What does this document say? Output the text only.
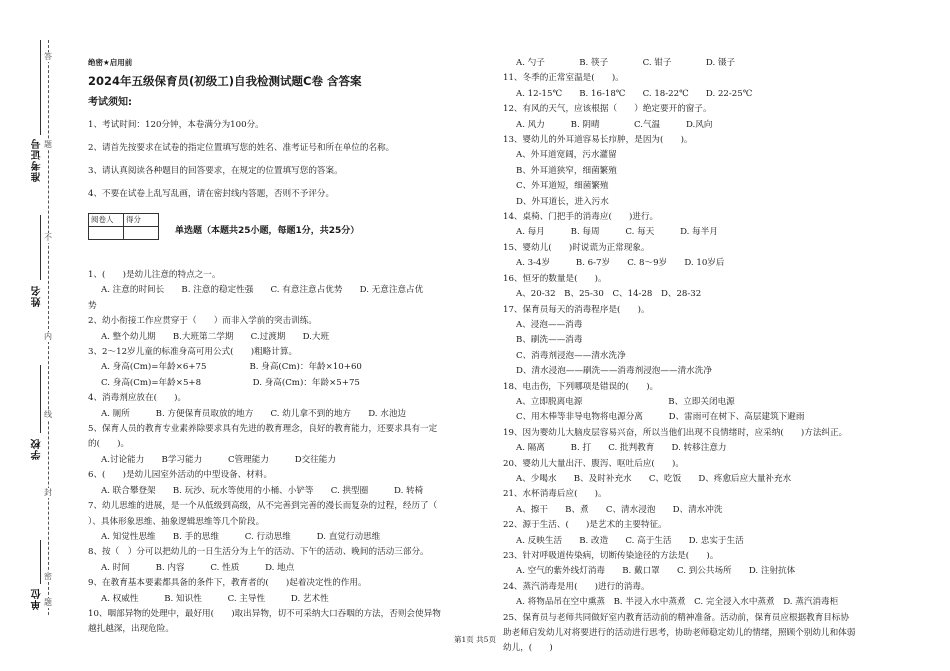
答
题
不
内
线
封
密
题
准考证号
姓名
学校
单位

绝密★启用前

2024年五级保育员(初级工)自我检测试题C卷 含答案

考试须知:

1、考试时间：120分钟，本卷满分为100分。

2、请首先按要求在试卷的指定位置填写您的姓名、准考证号和所在单位的名称。

3、请认真阅读各种题目的回答要求，在规定的位置填写您的答案。

4、不要在试卷上乱写乱画，请在密封线内答题，否则不予评分。

阅卷人	得分

单选题（本题共25小题，每题1分，共25分）

1、(　　)是幼儿注意的特点之一。

A. 注意的时间长　　B. 注意的稳定性强　　C. 有意注意占优势　　D. 无意注意占优

势

2、幼小衔接工作应贯穿于（　　）而非入学前的突击训练。

A. 整个幼儿期　　B.大班第二学期　　C.过渡期　　D.大班

3、2～12岁儿童的标准身高可用公式(　　)粗略计算。

A. 身高(Cm)=年龄×6+75　　　　　B. 身高(Cm)：年龄×10+60

C. 身高(Cm)=年龄×5+8　　　　　　D. 身高(Cm)：年龄×5+75

4、消毒剂应放在(　　)。

A. 厕所　　　B. 方便保育员取放的地方　　C. 幼儿拿不到的地方　　D. 水池边

5、保育人员的教育专业素养除要求具有先进的教育理念，良好的教育能力，还要求具有一定

的(　　)。

A.讨论能力　　B学习能力　　　C管理能力　　　D交往能力

6、(　　)是幼儿园室外活动的中型设备、材料。

A. 联合攀登架　　B. 玩沙、玩水等使用的小桶、小铲等　　C. 拱型圈　　　D. 转椅

7、幼儿思维的进展，是一个从低级到高级，从不完善到完善的漫长而复杂的过程，经历了（

）、具体形象思维、抽象逻辑思维等几个阶段。

A. 知觉性思维　　B. 手的思维　　　C. 行动思维　　　D. 直觉行动思维

8、按（　）分可以把幼儿的一日生活分为上午的活动、下午的活动、晚间的活动三部分。

A. 时间　　　B. 内容　　　C. 性质　　　D. 地点

9、在教育基本要素都具备的条件下，教育者的(　　)起着决定性的作用。

A. 权威性　　　B. 知识性　　　C. 主导性　　　D. 艺术性

10、咽部异物的处理中，最好用(　　)取出异物，切不可采纳大口吞咽的方法，否则会使异物

越扎越深，出现危险。

A. 勺子　　　　B. 筷子　　　　C. 钳子　　　　D. 镊子

11、冬季的正常室温是(　　)。

A. 12-15℃　　B. 16-18℃　　C. 18-22℃　　D. 22-25℃

12、有风的天气，应该根据（　　）绝定要开的窗子。

A. 风力　　　B. 阴晴　　　　C.气温　　　D.风向

13、婴幼儿的外耳道容易长疖肿，是因为(　　)。

A、外耳道宽阔，污水灌留

B、外耳道狭窄，细菌繁殖

C、外耳道短，细菌繁殖

D、外耳道长，进入污水

14、桌椅、门把手的消毒应(　　)进行。

A. 每月　　　B. 每周　　　C. 每天　　　D. 每半月

15、婴幼儿(　　)时说谎为正常现象。

A. 3-4岁　　　B. 6-7岁　　C. 8～9岁　　D. 10岁后

16、恒牙的数量是(　　)。

A、20-32　B、25-30　C、14-28　D、28-32

17、保育员每天的消毒程序是(　　)。

A、浸泡——消毒

B、刷洗——消毒

C、消毒剂浸泡——清水洗净

D、清水浸泡——刷洗——消毒剂浸泡——清水洗净

18、电击伤，下列哪项是错误的(　　)。

A、立即脱离电源　　　　　　　　　　B、立即关闭电源

C、用木棒等非导电物将电源分离　　　D、雷雨可在树下、高层建筑下避雨

19、因为婴幼儿大脑皮层容易兴奋，所以当他们出现不良情绪时，应采纳(　　)方法纠正。

A. 隔离　　　B. 打　　C. 批判教育　　D. 转移注意力

20、婴幼儿大量出汗、腹泻、呕吐后应(　　)。

A、少喝水　　B、及时补充水　　C、吃饭　　D、疼愈后应大量补充水

21、水杯消毒后应(　　)。

A、擦干　　B、煮　　C、清水浸泡　　D、清水冲洗

22、源于生活、(　　)是艺术的主要特征。

A. 反映生活　　B. 改造　　C. 高于生活　　D. 忠实于生活

23、针对呼吸道传染病，切断传染途径的方法是(　　)。

A. 空气的紫外线灯消毒　　B. 戴口罩　　C. 到公共场所　　D. 注射抗体

24、蒸汽消毒是用(　　)进行的消毒。

A. 将物品吊在空中熏蒸　B. 半浸入水中蒸煮　C. 完全浸入水中蒸煮　D. 蒸汽消毒柜

25、保育员与老师共同做好室内教育活动前的精神准备。活动前，保育员应根据教育目标协

助老师启发幼儿对将要进行的活动进行思考，协助老师稳定幼儿的情绪，照顾个别幼儿和体弱

幼儿，(　　)

第1页 共5页
